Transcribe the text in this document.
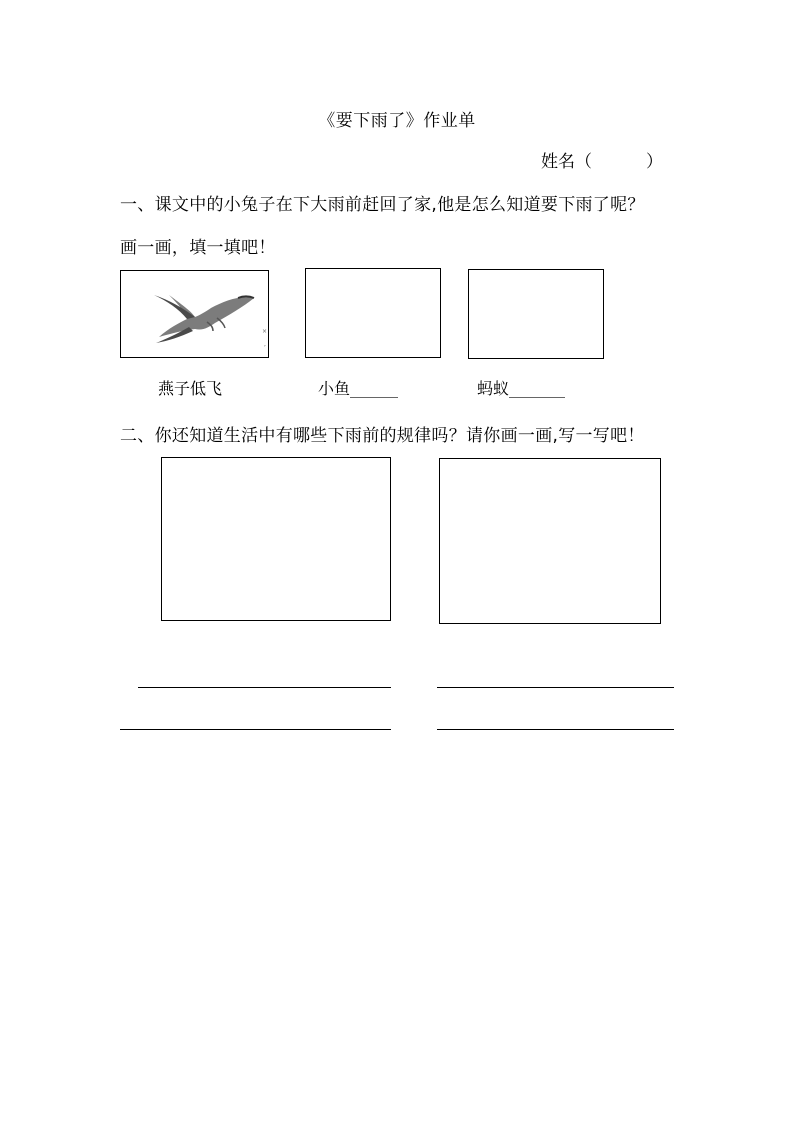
《要下雨了》作业单
姓名（          ）
一、课文中的小兔子在下大雨前赶回了家,他是怎么知道要下雨了呢？
画一画，填一填吧！
×
,
燕子低飞	小鱼______	蚂蚁_______
二、你还知道生活中有哪些下雨前的规律吗？请你画一画,写一写吧！
